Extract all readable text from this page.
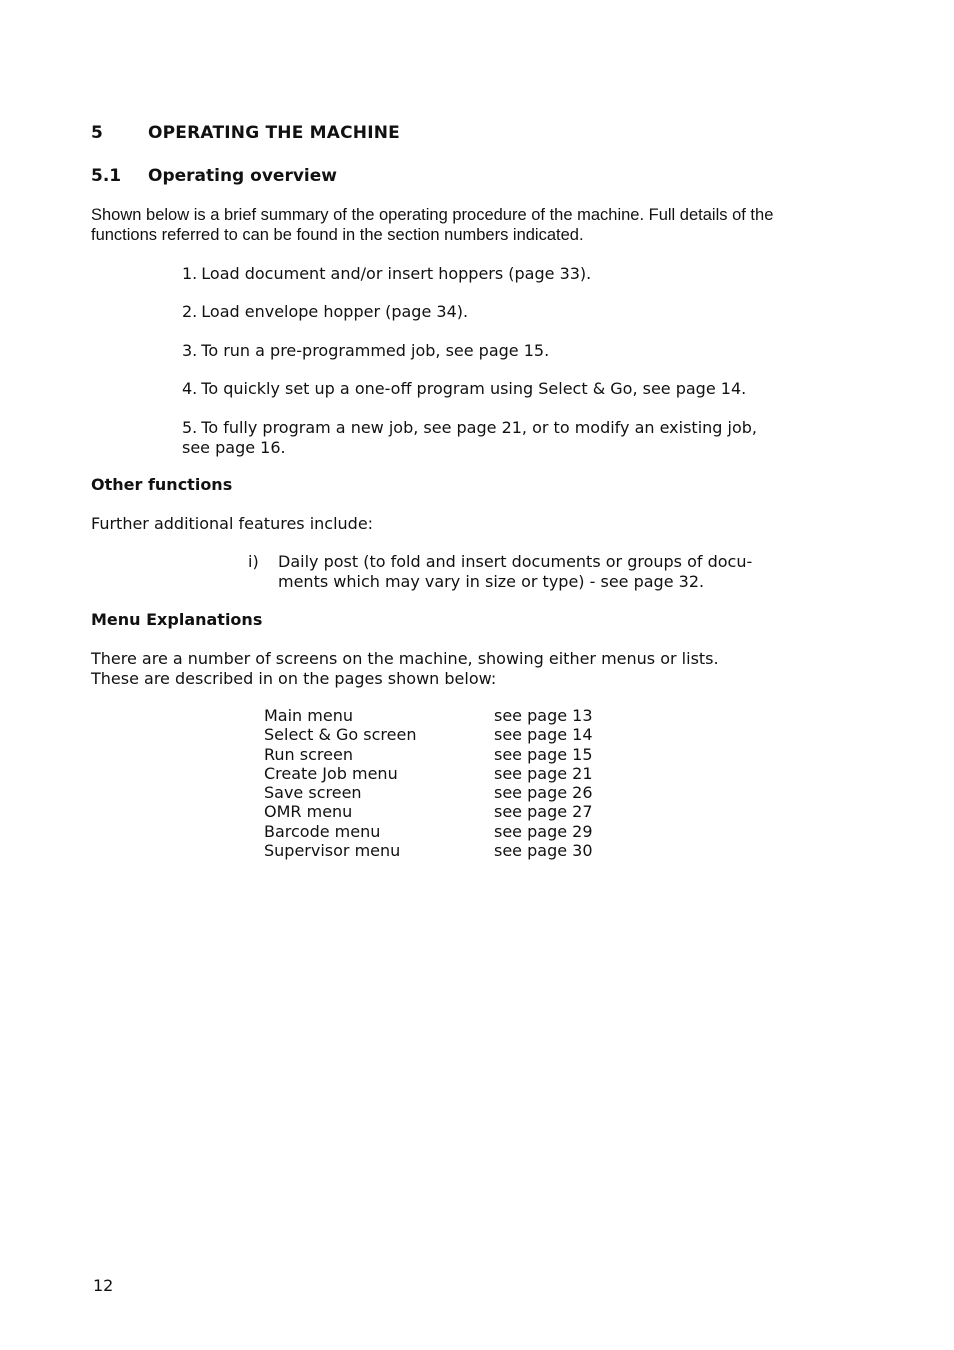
5	OPERATING THE MACHINE
5.1 Operating overview
Shown below is a brief summary of the operating procedure of the machine. Full details of the functions referred to can be found in the section numbers indicated.
1. Load document and/or insert hoppers (page 33).
2. Load envelope hopper (page 34).
3. To run a pre-programmed job, see page 15.
4. To quickly set up a one-off program using Select & Go, see page 14.
5. To fully program a new job, see page 21, or to modify an existing job, see page 16.
Other functions
Further additional features include:
i) Daily post (to fold and insert documents or groups of docu-ments which may vary in size or type) - see page 32.
Menu Explanations
There are a number of screens on the machine, showing either menus or lists. These are described in on the pages shown below:
Main menu	see page 13
Select & Go screen	see page 14
Run screen	see page 15
Create Job menu	see page 21
Save screen	see page 26
OMR menu	see page 27
Barcode menu	see page 29
Supervisor menu	see page 30
12
